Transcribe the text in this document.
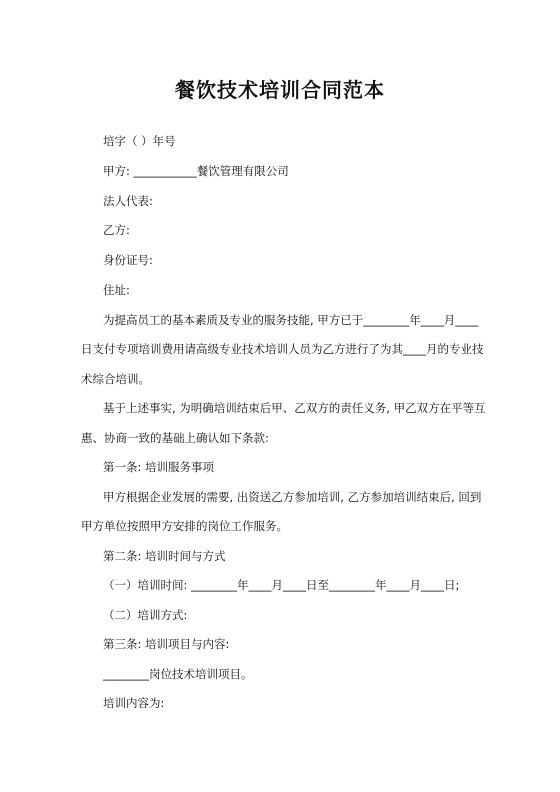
餐饮技术培训合同范本
培字（ ）年号
甲方: ___________餐饮管理有限公司
法人代表:
乙方:
身份证号:
住址:
为提高员工的基本素质及专业的服务技能, 甲方已于________年____月____
日支付专项培训费用请高级专业技术培训人员为乙方进行了为其____月的专业技
术综合培训。
基于上述事实, 为明确培训结束后甲、乙双方的责任义务, 甲乙双方在平等互
惠、协商一致的基础上确认如下条款:
第一条: 培训服务事项
甲方根据企业发展的需要, 出资送乙方参加培训, 乙方参加培训结束后, 回到
甲方单位按照甲方安排的岗位工作服务。
第二条: 培训时间与方式
（一）培训时间: ________年____月____日至________年____月____日;
（二）培训方式:
第三条: 培训项目与内容:
________岗位技术培训项目。
培训内容为:
